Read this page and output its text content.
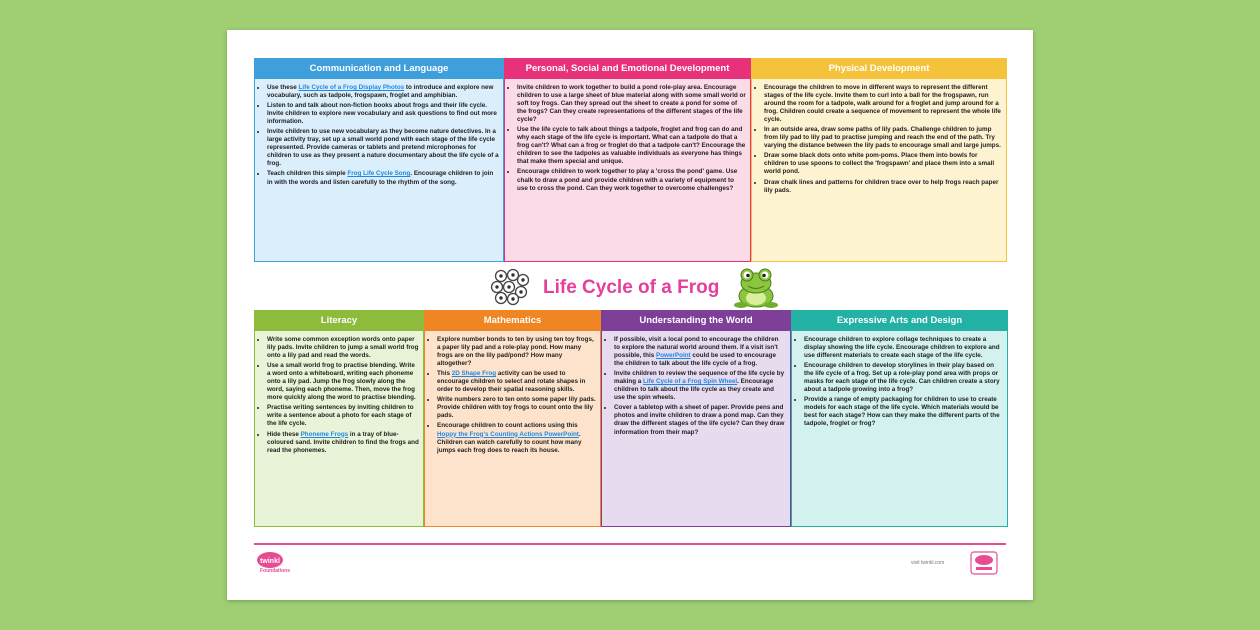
Communication and Language
• Use these Life Cycle of a Frog Display Photos to introduce and explore new vocabulary, such as tadpole, frogspawn, froglet and amphibian.
• Listen to and talk about non-fiction books about frogs and their life cycle. Invite children to explore new vocabulary and ask questions to find out more information.
• Invite children to use new vocabulary as they become nature detectives. In a large activity tray, set up a small world pond with each stage of the life cycle represented. Provide cameras or tablets and pretend microphones for children to use as they present a nature documentary about the life cycle of a frog.
• Teach children this simple Frog Life Cycle Song. Encourage children to join in with the words and listen carefully to the rhythm of the song.
Personal, Social and Emotional Development
• Invite children to work together to build a pond role-play area. Encourage children to use a large sheet of blue material along with some small world or soft toy frogs. Can they spread out the sheet to create a pond for some of the frogs? Can they create representations of the different stages of the life cycle?
• Use the life cycle to talk about things a tadpole, froglet and frog can do and why each stage of the life cycle is important. What can a tadpole do that a frog can't? What can a frog or froglet do that a tadpole can't? Encourage the children to see the tadpoles as valuable individuals as everyone has things that make them special and unique.
• Encourage children to work together to play a 'cross the pond' game. Use chalk to draw a pond and provide children with a variety of equipment to use to cross the pond. Can they work together to overcome challenges?
Physical Development
• Encourage the children to move in different ways to represent the different stages of the life cycle. Invite them to curl into a ball for the frogspawn, run around the room for a tadpole, walk around for a froglet and jump around for a frog. Children could create a sequence of movement to represent the whole life cycle.
• In an outside area, draw some paths of lily pads. Challenge children to jump from lily pad to lily pad to practise jumping and reach the end of the path. Try varying the distance between the lily pads to encourage small and large jumps.
• Draw some black dots onto white pom-poms. Place them into bowls for children to use spoons to collect the 'frogspawn' and place them into a small world pond.
• Draw chalk lines and patterns for children trace over to help frogs reach paper lily pads.
Life Cycle of a Frog
Literacy
• Write some common exception words onto paper lily pads. Invite children to jump a small world frog onto a lily pad and read the words.
• Use a small world frog to practise blending. Write a word onto a whiteboard, writing each phoneme onto a lily pad. Jump the frog slowly along the word, saying each phoneme. Then, move the frog more quickly along the word to practise blending.
• Practise writing sentences by inviting children to write a sentence about a photo for each stage of the life cycle.
• Hide these Phoneme Frogs in a tray of blue-coloured sand. Invite children to find the frogs and read the phonemes.
Mathematics
• Explore number bonds to ten by using ten toy frogs, a paper lily pad and a role-play pond. How many frogs are on the lily pad/pond? How many altogether?
• This 2D Shape Frog activity can be used to encourage children to select and rotate shapes in order to develop their spatial reasoning skills.
• Write numbers zero to ten onto some paper lily pads. Provide children with toy frogs to count onto the lily pads.
• Encourage children to count actions using this Hoppy the Frog's Counting Actions PowerPoint. Children can watch carefully to count how many jumps each frog does to reach its house.
Understanding the World
• If possible, visit a local pond to encourage the children to explore the natural world around them. If a visit isn't possible, this PowerPoint could be used to encourage the children to talk about the life cycle of a frog.
• Invite children to review the sequence of the life cycle by making a Life Cycle of a Frog Spin Wheel. Encourage children to talk about the life cycle as they create and use the spin wheels.
• Cover a tabletop with a sheet of paper. Provide pens and photos and invite children to draw a pond map. Can they draw the different stages of the life cycle? Can they draw information from their map?
Expressive Arts and Design
• Encourage children to explore collage techniques to create a display showing the life cycle. Encourage children to explore and use different materials to create each stage of the life cycle.
• Encourage children to develop storylines in their play based on the life cycle of a frog. Set up a role-play pond area with props or masks for each stage of the life cycle. Can children create a story about a tadpole growing into a frog?
• Provide a range of empty packaging for children to use to create models for each stage of the life cycle. Which materials would be best for each stage? How can they make the different parts of the tadpole, froglet or frog?
twinkl
Foundations
visit twinkl.com
